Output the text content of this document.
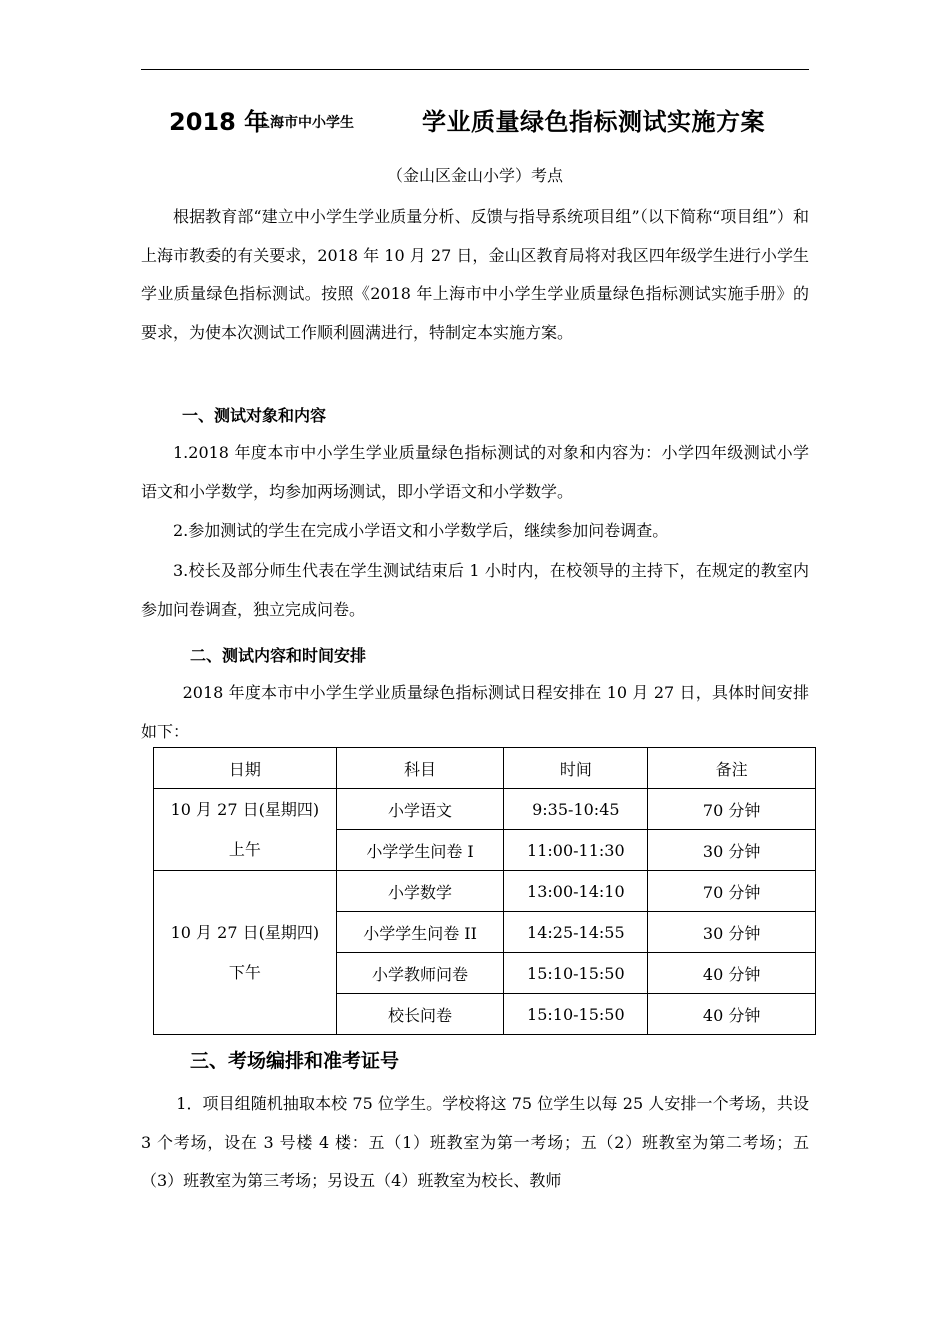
2018 年
上海市中小学生	学业质量绿色指标测试实施方案
（金山区金山小学）考点

根据教育部“建立中小学生学业质量分析、反馈与指导系统项目组”（以下简称“项目组”）和上海市教委的有关要求，2018 年 10 月 27 日，金山区教育局将对我区四年级学生进行小学生学业质量绿色指标测试。按照《2018 年上海市中小学生学业质量绿色指标测试实施手册》的要求，为使本次测试工作顺利圆满进行，特制定本实施方案。

一、测试对象和内容

1.2018 年度本市中小学生学业质量绿色指标测试的对象和内容为：小学四年级测试小学语文和小学数学，均参加两场测试，即小学语文和小学数学。

2.参加测试的学生在完成小学语文和小学数学后，继续参加问卷调查。

3.校长及部分师生代表在学生测试结束后 1 小时内，在校领导的主持下，在规定的教室内参加问卷调查，独立完成问卷。

二、测试内容和时间安排

2018 年度本市中小学生学业质量绿色指标测试日程安排在 10 月 27 日，具体时间安排如下：

日期	科目	时间	备注

10 月 27 日(星期四)
上午	小学语文	9:35-10:45	70 分钟
	小学学生问卷 I	11:00-11:30	30 分钟

10 月 27 日(星期四)
下午	小学数学	13:00-14:10	70 分钟
	小学学生问卷 II	14:25-14:55	30 分钟
	小学教师问卷	15:10-15:50	40 分钟
	校长问卷	15:10-15:50	40 分钟
三、考场编排和准考证号

1．项目组随机抽取本校 75 位学生。学校将这 75 位学生以每 25 人安排一个考场，共设 3 个考场，设在 3 号楼 4 楼：五（1）班教室为第一考场；五（2）班教室为第二考场；五（3）班教室为第三考场；另设五（4）班教室为校长、教师
